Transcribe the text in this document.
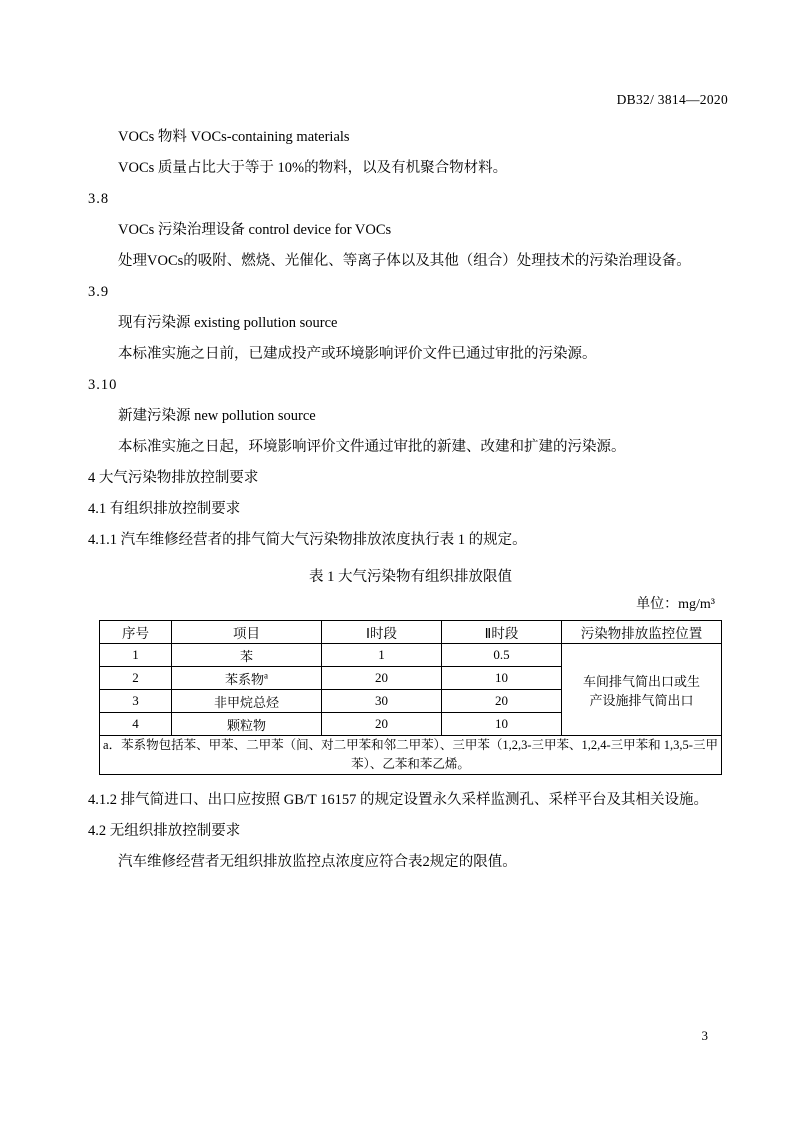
DB32/ 3814—2020
VOCs 物料 VOCs-containing materials
VOCs 质量占比大于等于 10%的物料，以及有机聚合物材料。
3.8
VOCs 污染治理设备 control device for VOCs
处理VOCs的吸附、燃烧、光催化、等离子体以及其他（组合）处理技术的污染治理设备。
3.9
现有污染源 existing pollution source
本标准实施之日前，已建成投产或环境影响评价文件已通过审批的污染源。
3.10
新建污染源 new pollution source
本标准实施之日起，环境影响评价文件通过审批的新建、改建和扩建的污染源。
4 大气污染物排放控制要求
4.1 有组织排放控制要求
4.1.1 汽车维修经营者的排气简大气污染物排放浓度执行表 1 的规定。
表 1 大气污染物有组织排放限值
单位：mg/m³
序号	项目	Ⅰ时段	Ⅱ时段	污染物排放监控位置
1	苯	1	0.5	车间排气简出口或生
产设施排气简出口

2	苯系物$^a$	20	10	
3	非甲烷总烃	30	20	
4	颗粒物	20	10	
a．苯系物包括苯、甲苯、二甲苯（间、对二甲苯和邻二甲苯）、三甲苯（1,2,3-三甲苯、1,2,4-三甲苯和 1,3,5-三甲苯）、乙苯和苯乙烯。				
4.1.2 排气简进口、出口应按照 GB/T 16157 的规定设置永久采样监测孔、采样平台及其相关设施。
4.2 无组织排放控制要求
汽车维修经营者无组织排放监控点浓度应符合表2规定的限值。
3
